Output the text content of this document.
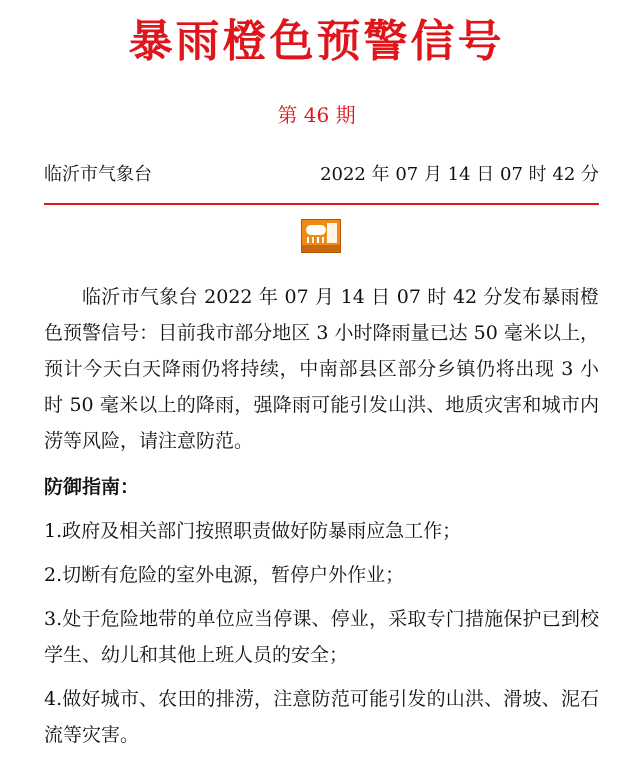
暴雨橙色预警信号
第 46 期
临沂市气象台	2022 年 07 月 14 日 07 时 42 分

临沂市气象台 2022 年 07 月 14 日 07 时 42 分发布暴雨橙色预警信号：目前我市部分地区 3 小时降雨量已达 50 毫米以上，预计今天白天降雨仍将持续，中南部县区部分乡镇仍将出现 3 小时 50 毫米以上的降雨，强降雨可能引发山洪、地质灾害和城市内涝等风险，请注意防范。

防御指南：
1.政府及相关部门按照职责做好防暴雨应急工作；
2.切断有危险的室外电源，暂停户外作业；
3.处于危险地带的单位应当停课、停业，采取专门措施保护已到校学生、幼儿和其他上班人员的安全；
4.做好城市、农田的排涝，注意防范可能引发的山洪、滑坡、泥石流等灾害。
